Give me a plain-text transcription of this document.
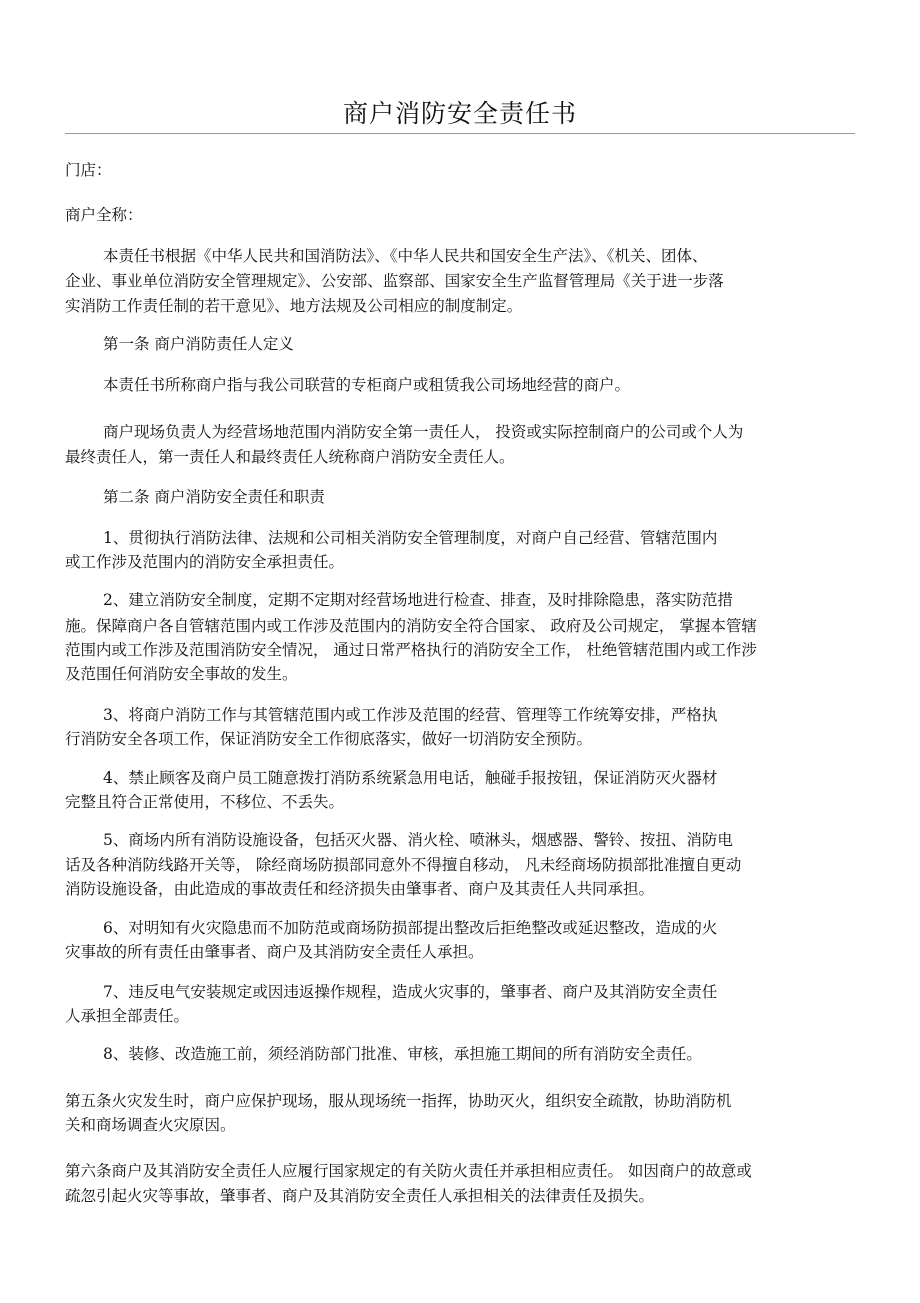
商户消防安全责任书

门店：

商户全称：

本责任书根据《中华人民共和国消防法》、《中华人民共和国安全生产法》、《机关、团体、

企业、事业单位消防安全管理规定》、公安部、监察部、国家安全生产监督管理局《关于进一步落

实消防工作责任制的若干意见》、地方法规及公司相应的制度制定。

第一条 商户消防责任人定义

本责任书所称商户指与我公司联营的专柜商户或租赁我公司场地经营的商户。

商户现场负责人为经营场地范围内消防安全第一责任人， 投资或实际控制商户的公司或个人为

最终责任人，第一责任人和最终责任人统称商户消防安全责任人。

第二条 商户消防安全责任和职责

1、贯彻执行消防法律、法规和公司相关消防安全管理制度，对商户自己经营、管辖范围内

或工作涉及范围内的消防安全承担责任。

2、建立消防安全制度，定期不定期对经营场地进行检查、排查，及时排除隐患，落实防范措

施。保障商户各自管辖范围内或工作涉及范围内的消防安全符合国家、 政府及公司规定， 掌握本管辖

范围内或工作涉及范围消防安全情况， 通过日常严格执行的消防安全工作， 杜绝管辖范围内或工作涉

及范围任何消防安全事故的发生。

3、将商户消防工作与其管辖范围内或工作涉及范围的经营、管理等工作统筹安排，严格执

行消防安全各项工作，保证消防安全工作彻底落实，做好一切消防安全预防。

4、禁止顾客及商户员工随意拨打消防系统紧急用电话，触碰手报按钮，保证消防灭火器材

完整且符合正常使用，不移位、不丢失。

5、商场内所有消防设施设备，包括灭火器、消火栓、喷淋头，烟感器、警铃、按扭、消防电

话及各种消防线路开关等， 除经商场防损部同意外不得擅自移动， 凡未经商场防损部批准擅自更动

消防设施设备，由此造成的事故责任和经济损失由肇事者、商户及其责任人共同承担。

6、对明知有火灾隐患而不加防范或商场防损部提出整改后拒绝整改或延迟整改，造成的火

灾事故的所有责任由肇事者、商户及其消防安全责任人承担。

7、违反电气安装规定或因违返操作规程，造成火灾事的，肇事者、商户及其消防安全责任

人承担全部责任。

8、装修、改造施工前，须经消防部门批准、审核，承担施工期间的所有消防安全责任。

第五条火灾发生时，商户应保护现场，服从现场统一指挥，协助灭火，组织安全疏散，协助消防机

关和商场调查火灾原因。

第六条商户及其消防安全责任人应履行国家规定的有关防火责任并承担相应责任。 如因商户的故意或

疏忽引起火灾等事故，肇事者、商户及其消防安全责任人承担相关的法律责任及损失。
